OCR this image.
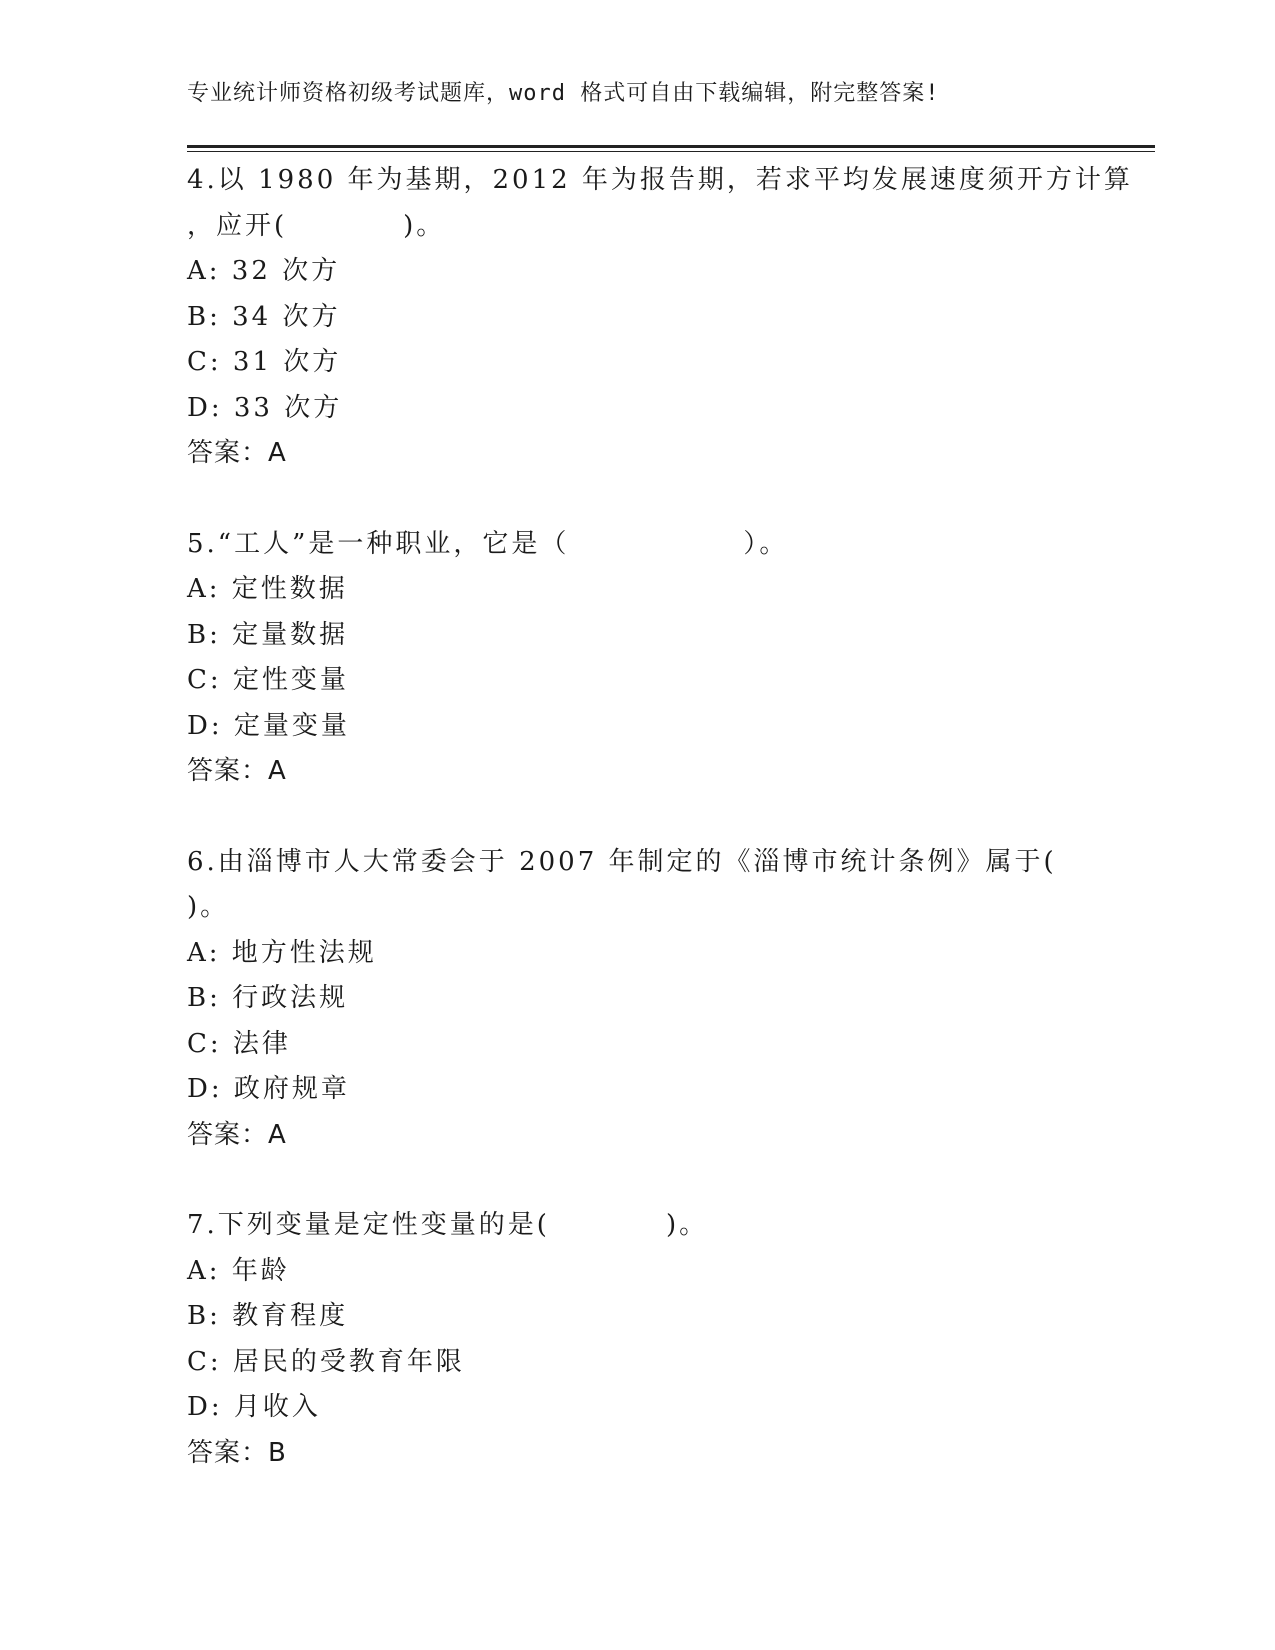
专业统计师资格初级考试题库，word 格式可自由下载编辑，附完整答案!
4.以 1980 年为基期，2012 年为报告期，若求平均发展速度须开方计算
，应开(　　　　)。
A: 32 次方
B: 34 次方
C: 31 次方
D: 33 次方
答案：A
5.“工人”是一种职业，它是（　　　　　　）。
A: 定性数据
B: 定量数据
C: 定性变量
D: 定量变量
答案：A
6.由淄博市人大常委会于 2007 年制定的《淄博市统计条例》属于(
)。
A: 地方性法规
B: 行政法规
C: 法律
D: 政府规章
答案：A
7.下列变量是定性变量的是(　　　　)。
A: 年龄
B: 教育程度
C: 居民的受教育年限
D: 月收入
答案：B
